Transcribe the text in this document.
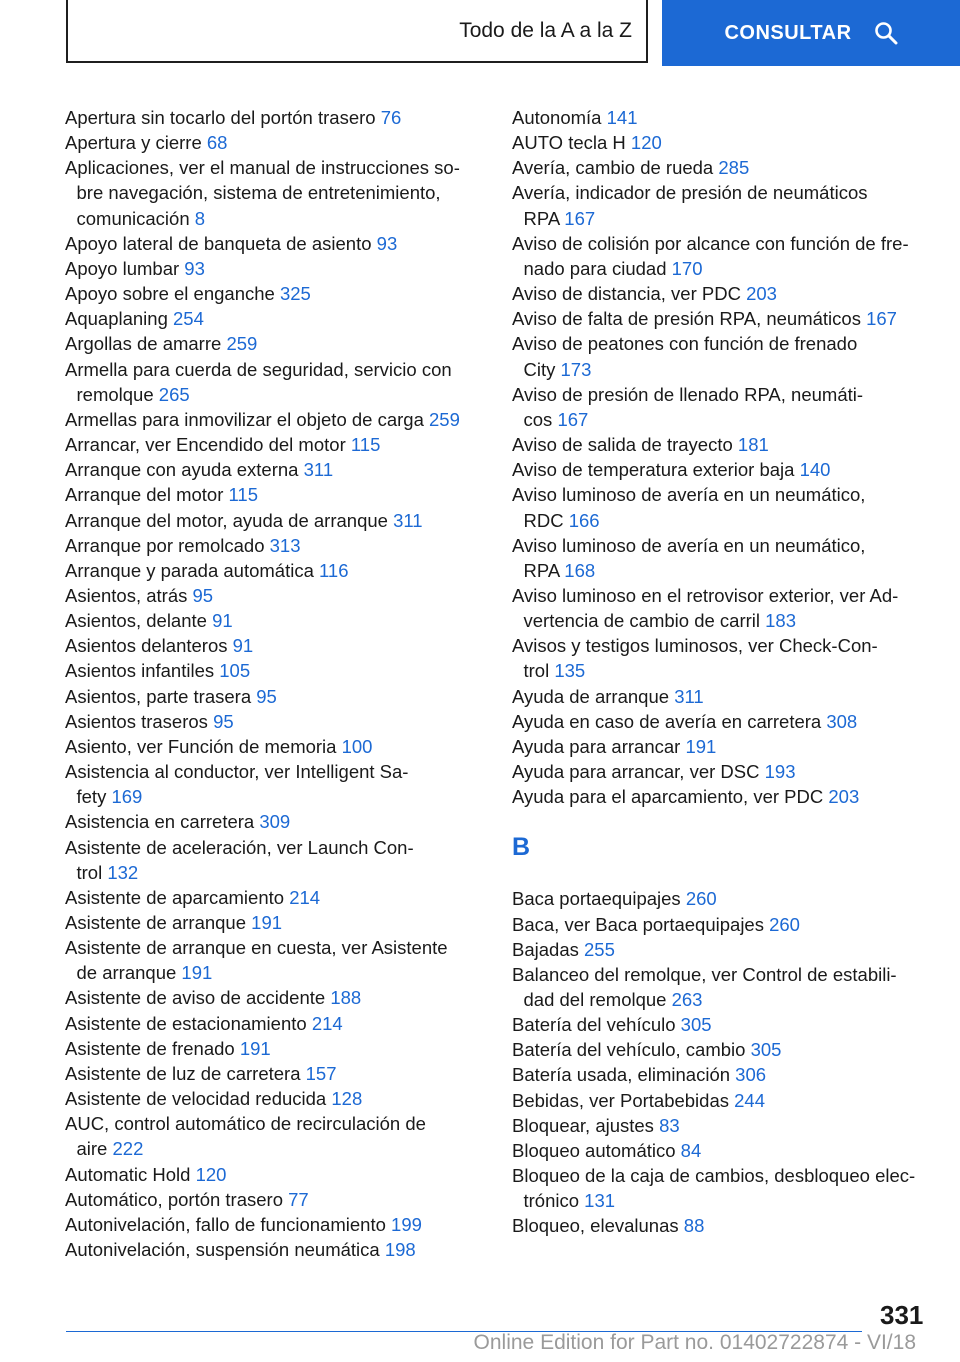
Todo de la A a la Z	CONSULTAR
Apertura sin tocarlo del portón trasero 76
Apertura y cierre 68
Aplicaciones, ver el manual de instrucciones so-
bre navegación, sistema de entretenimiento,
comunicación 8
Apoyo lateral de banqueta de asiento 93
Apoyo lumbar 93
Apoyo sobre el enganche 325
Aquaplaning 254
Argollas de amarre 259
Armella para cuerda de seguridad, servicio con
remolque 265
Armellas para inmovilizar el objeto de carga 259
Arrancar, ver Encendido del motor 115
Arranque con ayuda externa 311
Arranque del motor 115
Arranque del motor, ayuda de arranque 311
Arranque por remolcado 313
Arranque y parada automática 116
Asientos, atrás 95
Asientos, delante 91
Asientos delanteros 91
Asientos infantiles 105
Asientos, parte trasera 95
Asientos traseros 95
Asiento, ver Función de memoria 100
Asistencia al conductor, ver Intelligent Sa-
fety 169
Asistencia en carretera 309
Asistente de aceleración, ver Launch Con-
trol 132
Asistente de aparcamiento 214
Asistente de arranque 191
Asistente de arranque en cuesta, ver Asistente
de arranque 191
Asistente de aviso de accidente 188
Asistente de estacionamiento 214
Asistente de frenado 191
Asistente de luz de carretera 157
Asistente de velocidad reducida 128
AUC, control automático de recirculación de
aire 222
Automatic Hold 120
Automático, portón trasero 77
Autonivelación, fallo de funcionamiento 199
Autonivelación, suspensión neumática 198
Autonomía 141
AUTO tecla H 120
Avería, cambio de rueda 285
Avería, indicador de presión de neumáticos
RPA 167
Aviso de colisión por alcance con función de fre-
nado para ciudad 170
Aviso de distancia, ver PDC 203
Aviso de falta de presión RPA, neumáticos 167
Aviso de peatones con función de frenado
City 173
Aviso de presión de llenado RPA, neumáti-
cos 167
Aviso de salida de trayecto 181
Aviso de temperatura exterior baja 140
Aviso luminoso de avería en un neumático,
RDC 166
Aviso luminoso de avería en un neumático,
RPA 168
Aviso luminoso en el retrovisor exterior, ver Ad-
vertencia de cambio de carril 183
Avisos y testigos luminosos, ver Check-Con-
trol 135
Ayuda de arranque 311
Ayuda en caso de avería en carretera 308
Ayuda para arrancar 191
Ayuda para arrancar, ver DSC 193
Ayuda para el aparcamiento, ver PDC 203
B
Baca portaequipajes 260
Baca, ver Baca portaequipajes 260
Bajadas 255
Balanceo del remolque, ver Control de estabili-
dad del remolque 263
Batería del vehículo 305
Batería del vehículo, cambio 305
Batería usada, eliminación 306
Bebidas, ver Portabebidas 244
Bloquear, ajustes 83
Bloqueo automático 84
Bloqueo de la caja de cambios, desbloqueo elec-
trónico 131
Bloqueo, elevalunas 88
331
Online Edition for Part no. 01402722874 - VI/18
